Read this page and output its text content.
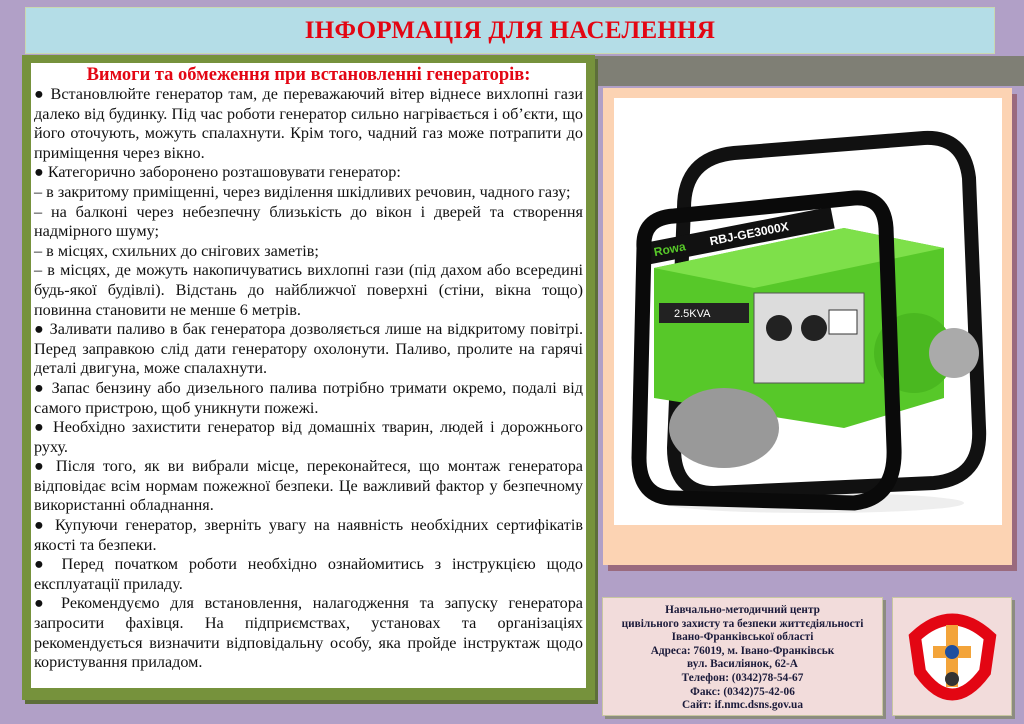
ІНФОРМАЦІЯ ДЛЯ НАСЕЛЕННЯ
Вимоги та обмеження при встановленні генераторів:

● Встановлюйте генератор там, де переважаючий вітер віднесе вихлопні гази далеко від будинку. Під час роботи генератор сильно нагрівається і об’єкти, що його оточують, можуть спалахнути. Крім того, чадний газ може потрапити до приміщення через вікно.

● Категорично заборонено розташовувати генератор:

– в закритому приміщенні, через виділення шкідливих речовин, чадного газу;

– на балконі через небезпечну близькість до вікон і дверей та створення надмірного шуму;

– в місцях, схильних до снігових заметів;

– в місцях, де можуть накопичуватись вихлопні гази (під дахом або всередині будь-якої будівлі). Відстань до найближчої поверхні (стіни, вікна тощо) повинна становити не менше 6 метрів.

● Заливати паливо в бак генератора дозволяється лише на відкритому повітрі. Перед заправкою слід дати генератору охолонути. Паливо, пролите на гарячі деталі двигуна, може спалахнути.

● Запас бензину або дизельного палива потрібно тримати окремо, подалі від самого пристрою, щоб уникнути пожежі.

● Необхідно захистити генератор від домашніх тварин, людей і дорожнього руху.

● Після того, як ви вибрали місце, переконайтеся, що монтаж генератора відповідає всім нормам пожежної безпеки. Це важливий фактор у безпечному використанні обладнання.

● Купуючи генератор, зверніть увагу на наявність необхідних сертифікатів якості та безпеки.

● Перед початком роботи необхідно ознайомитись з інструкцією щодо експлуатації приладу.

● Рекомендуємо для встановлення, налагодження та запуску генератора запросити фахівця. На підприємствах, установах та організаціях рекомендується визначити відповідальну особу, яка пройде інструктаж щодо користування приладом.

2.5KVA
Rowa
RBJ-GE3000X
Навчально-методичний центр
цивільного захисту та безпеки життєдіяльності
Івано-Франківської області
Адреса: 76019, м. Івано-Франківськ
вул. Василіянок, 62-А
Телефон: (0342)78-54-67
Факс: (0342)75-42-06
Сайт: if.nmc.dsns.gov.ua
